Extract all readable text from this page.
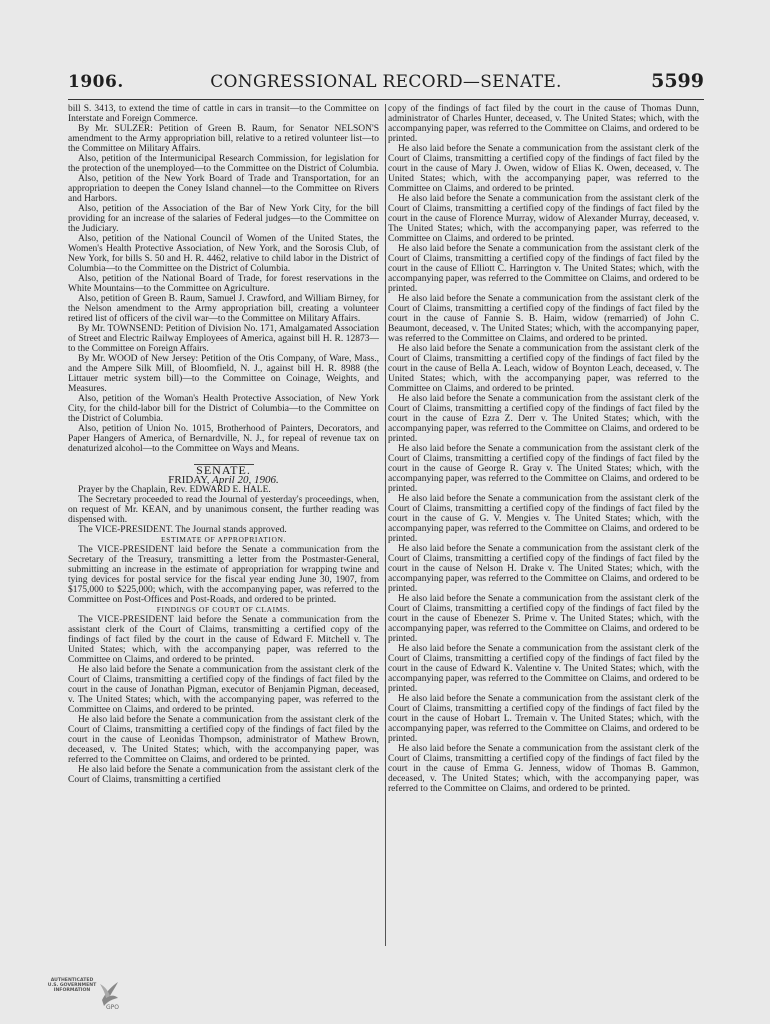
1906.	CONGRESSIONAL RECORD—SENATE.	5599

bill S. 3413, to extend the time of cattle in cars in transit—to the Committee on Interstate and Foreign Commerce.

By Mr. SULZER: Petition of Green B. Raum, for Senator NELSON'S amendment to the Army appropriation bill, relative to a retired volunteer list—to the Committee on Military Affairs.

Also, petition of the Intermunicipal Research Commission, for legislation for the protection of the unemployed—to the Committee on the District of Columbia.

Also, petition of the New York Board of Trade and Transportation, for an appropriation to deepen the Coney Island channel—to the Committee on Rivers and Harbors.

Also, petition of the Association of the Bar of New York City, for the bill providing for an increase of the salaries of Federal judges—to the Committee on the Judiciary.

Also, petition of the National Council of Women of the United States, the Women's Health Protective Association, of New York, and the Sorosis Club, of New York, for bills S. 50 and H. R. 4462, relative to child labor in the District of Columbia—to the Committee on the District of Columbia.

Also, petition of the National Board of Trade, for forest reservations in the White Mountains—to the Committee on Agriculture.

Also, petition of Green B. Raum, Samuel J. Crawford, and William Birney, for the Nelson amendment to the Army appropriation bill, creating a volunteer retired list of officers of the civil war—to the Committee on Military Affairs.

By Mr. TOWNSEND: Petition of Division No. 171, Amalgamated Association of Street and Electric Railway Employees of America, against bill H. R. 12873—to the Committee on Foreign Affairs.

By Mr. WOOD of New Jersey: Petition of the Otis Company, of Ware, Mass., and the Ampere Silk Mill, of Bloomfield, N. J., against bill H. R. 8988 (the Littauer metric system bill)—to the Committee on Coinage, Weights, and Measures.

Also, petition of the Woman's Health Protective Association, of New York City, for the child-labor bill for the District of Columbia—to the Committee on the District of Columbia.

Also, petition of Union No. 1015, Brotherhood of Painters, Decorators, and Paper Hangers of America, of Bernardville, N. J., for repeal of revenue tax on denaturized alcohol—to the Committee on Ways and Means.

SENATE.

FRIDAY, April 20, 1906.

Prayer by the Chaplain, Rev. EDWARD E. HALE.

The Secretary proceeded to read the Journal of yesterday's proceedings, when, on request of Mr. KEAN, and by unanimous consent, the further reading was dispensed with.

The VICE-PRESIDENT. The Journal stands approved.

ESTIMATE OF APPROPRIATION.

The VICE-PRESIDENT laid before the Senate a communication from the Secretary of the Treasury, transmitting a letter from the Postmaster-General, submitting an increase in the estimate of appropriation for wrapping twine and tying devices for postal service for the fiscal year ending June 30, 1907, from $175,000 to $225,000; which, with the accompanying paper, was referred to the Committee on Post-Offices and Post-Roads, and ordered to be printed.

FINDINGS OF COURT OF CLAIMS.

The VICE-PRESIDENT laid before the Senate a communication from the assistant clerk of the Court of Claims, transmitting a certified copy of the findings of fact filed by the court in the cause of Edward F. Mitchell v. The United States; which, with the accompanying paper, was referred to the Committee on Claims, and ordered to be printed.

He also laid before the Senate a communication from the assistant clerk of the Court of Claims, transmitting a certified copy of the findings of fact filed by the court in the cause of Jonathan Pigman, executor of Benjamin Pigman, deceased, v. The United States; which, with the accompanying paper, was referred to the Committee on Claims, and ordered to be printed.

He also laid before the Senate a communication from the assistant clerk of the Court of Claims, transmitting a certified copy of the findings of fact filed by the court in the cause of Leonidas Thompson, administrator of Mathew Brown, deceased, v. The United States; which, with the accompanying paper, was referred to the Committee on Claims, and ordered to be printed.

He also laid before the Senate a communication from the assistant clerk of the Court of Claims, transmitting a certified

copy of the findings of fact filed by the court in the cause of Thomas Dunn, administrator of Charles Hunter, deceased, v. The United States; which, with the accompanying paper, was referred to the Committee on Claims, and ordered to be printed.

He also laid before the Senate a communication from the assistant clerk of the Court of Claims, transmitting a certified copy of the findings of fact filed by the court in the cause of Mary J. Owen, widow of Elias K. Owen, deceased, v. The United States; which, with the accompanying paper, was referred to the Committee on Claims, and ordered to be printed.

He also laid before the Senate a communication from the assistant clerk of the Court of Claims, transmitting a certified copy of the findings of fact filed by the court in the cause of Florence Murray, widow of Alexander Murray, deceased, v. The United States; which, with the accompanying paper, was referred to the Committee on Claims, and ordered to be printed.

He also laid before the Senate a communication from the assistant clerk of the Court of Claims, transmitting a certified copy of the findings of fact filed by the court in the cause of Elliott C. Harrington v. The United States; which, with the accompanying paper, was referred to the Committee on Claims, and ordered to be printed.

He also laid before the Senate a communication from the assistant clerk of the Court of Claims, transmitting a certified copy of the findings of fact filed by the court in the cause of Fannie S. B. Haim, widow (remarried) of John C. Beaumont, deceased, v. The United States; which, with the accompanying paper, was referred to the Committee on Claims, and ordered to be printed.

He also laid before the Senate a communication from the assistant clerk of the Court of Claims, transmitting a certified copy of the findings of fact filed by the court in the cause of Bella A. Leach, widow of Boynton Leach, deceased, v. The United States; which, with the accompanying paper, was referred to the Committee on Claims, and ordered to be printed.

He also laid before the Senate a communication from the assistant clerk of the Court of Claims, transmitting a certified copy of the findings of fact filed by the court in the cause of Ezra Z. Derr v. The United States; which, with the accompanying paper, was referred to the Committee on Claims, and ordered to be printed.

He also laid before the Senate a communication from the assistant clerk of the Court of Claims, transmitting a certified copy of the findings of fact filed by the court in the cause of George R. Gray v. The United States; which, with the accompanying paper, was referred to the Committee on Claims, and ordered to be printed.

He also laid before the Senate a communication from the assistant clerk of the Court of Claims, transmitting a certified copy of the findings of fact filed by the court in the cause of G. V. Mengies v. The United States; which, with the accompanying paper, was referred to the Committee on Claims, and ordered to be printed.

He also laid before the Senate a communication from the assistant clerk of the Court of Claims, transmitting a certified copy of the findings of fact filed by the court in the cause of Nelson H. Drake v. The United States; which, with the accompanying paper, was referred to the Committee on Claims, and ordered to be printed.

He also laid before the Senate a communication from the assistant clerk of the Court of Claims, transmitting a certified copy of the findings of fact filed by the court in the cause of Ebenezer S. Prime v. The United States; which, with the accompanying paper, was referred to the Committee on Claims, and ordered to be printed.

He also laid before the Senate a communication from the assistant clerk of the Court of Claims, transmitting a certified copy of the findings of fact filed by the court in the cause of Edward K. Valentine v. The United States; which, with the accompanying paper, was referred to the Committee on Claims, and ordered to be printed.

He also laid before the Senate a communication from the assistant clerk of the Court of Claims, transmitting a certified copy of the findings of fact filed by the court in the cause of Hobart L. Tremain v. The United States; which, with the accompanying paper, was referred to the Committee on Claims, and ordered to be printed.

He also laid before the Senate a communication from the assistant clerk of the Court of Claims, transmitting a certified copy of the findings of fact filed by the court in the cause of Emma G. Jenness, widow of Thomas B. Gammon, deceased, v. The United States; which, with the accompanying paper, was referred to the Committee on Claims, and ordered to be printed.

AUTHENTICATED U.S. GOVERNMENT INFORMATION
GPO
